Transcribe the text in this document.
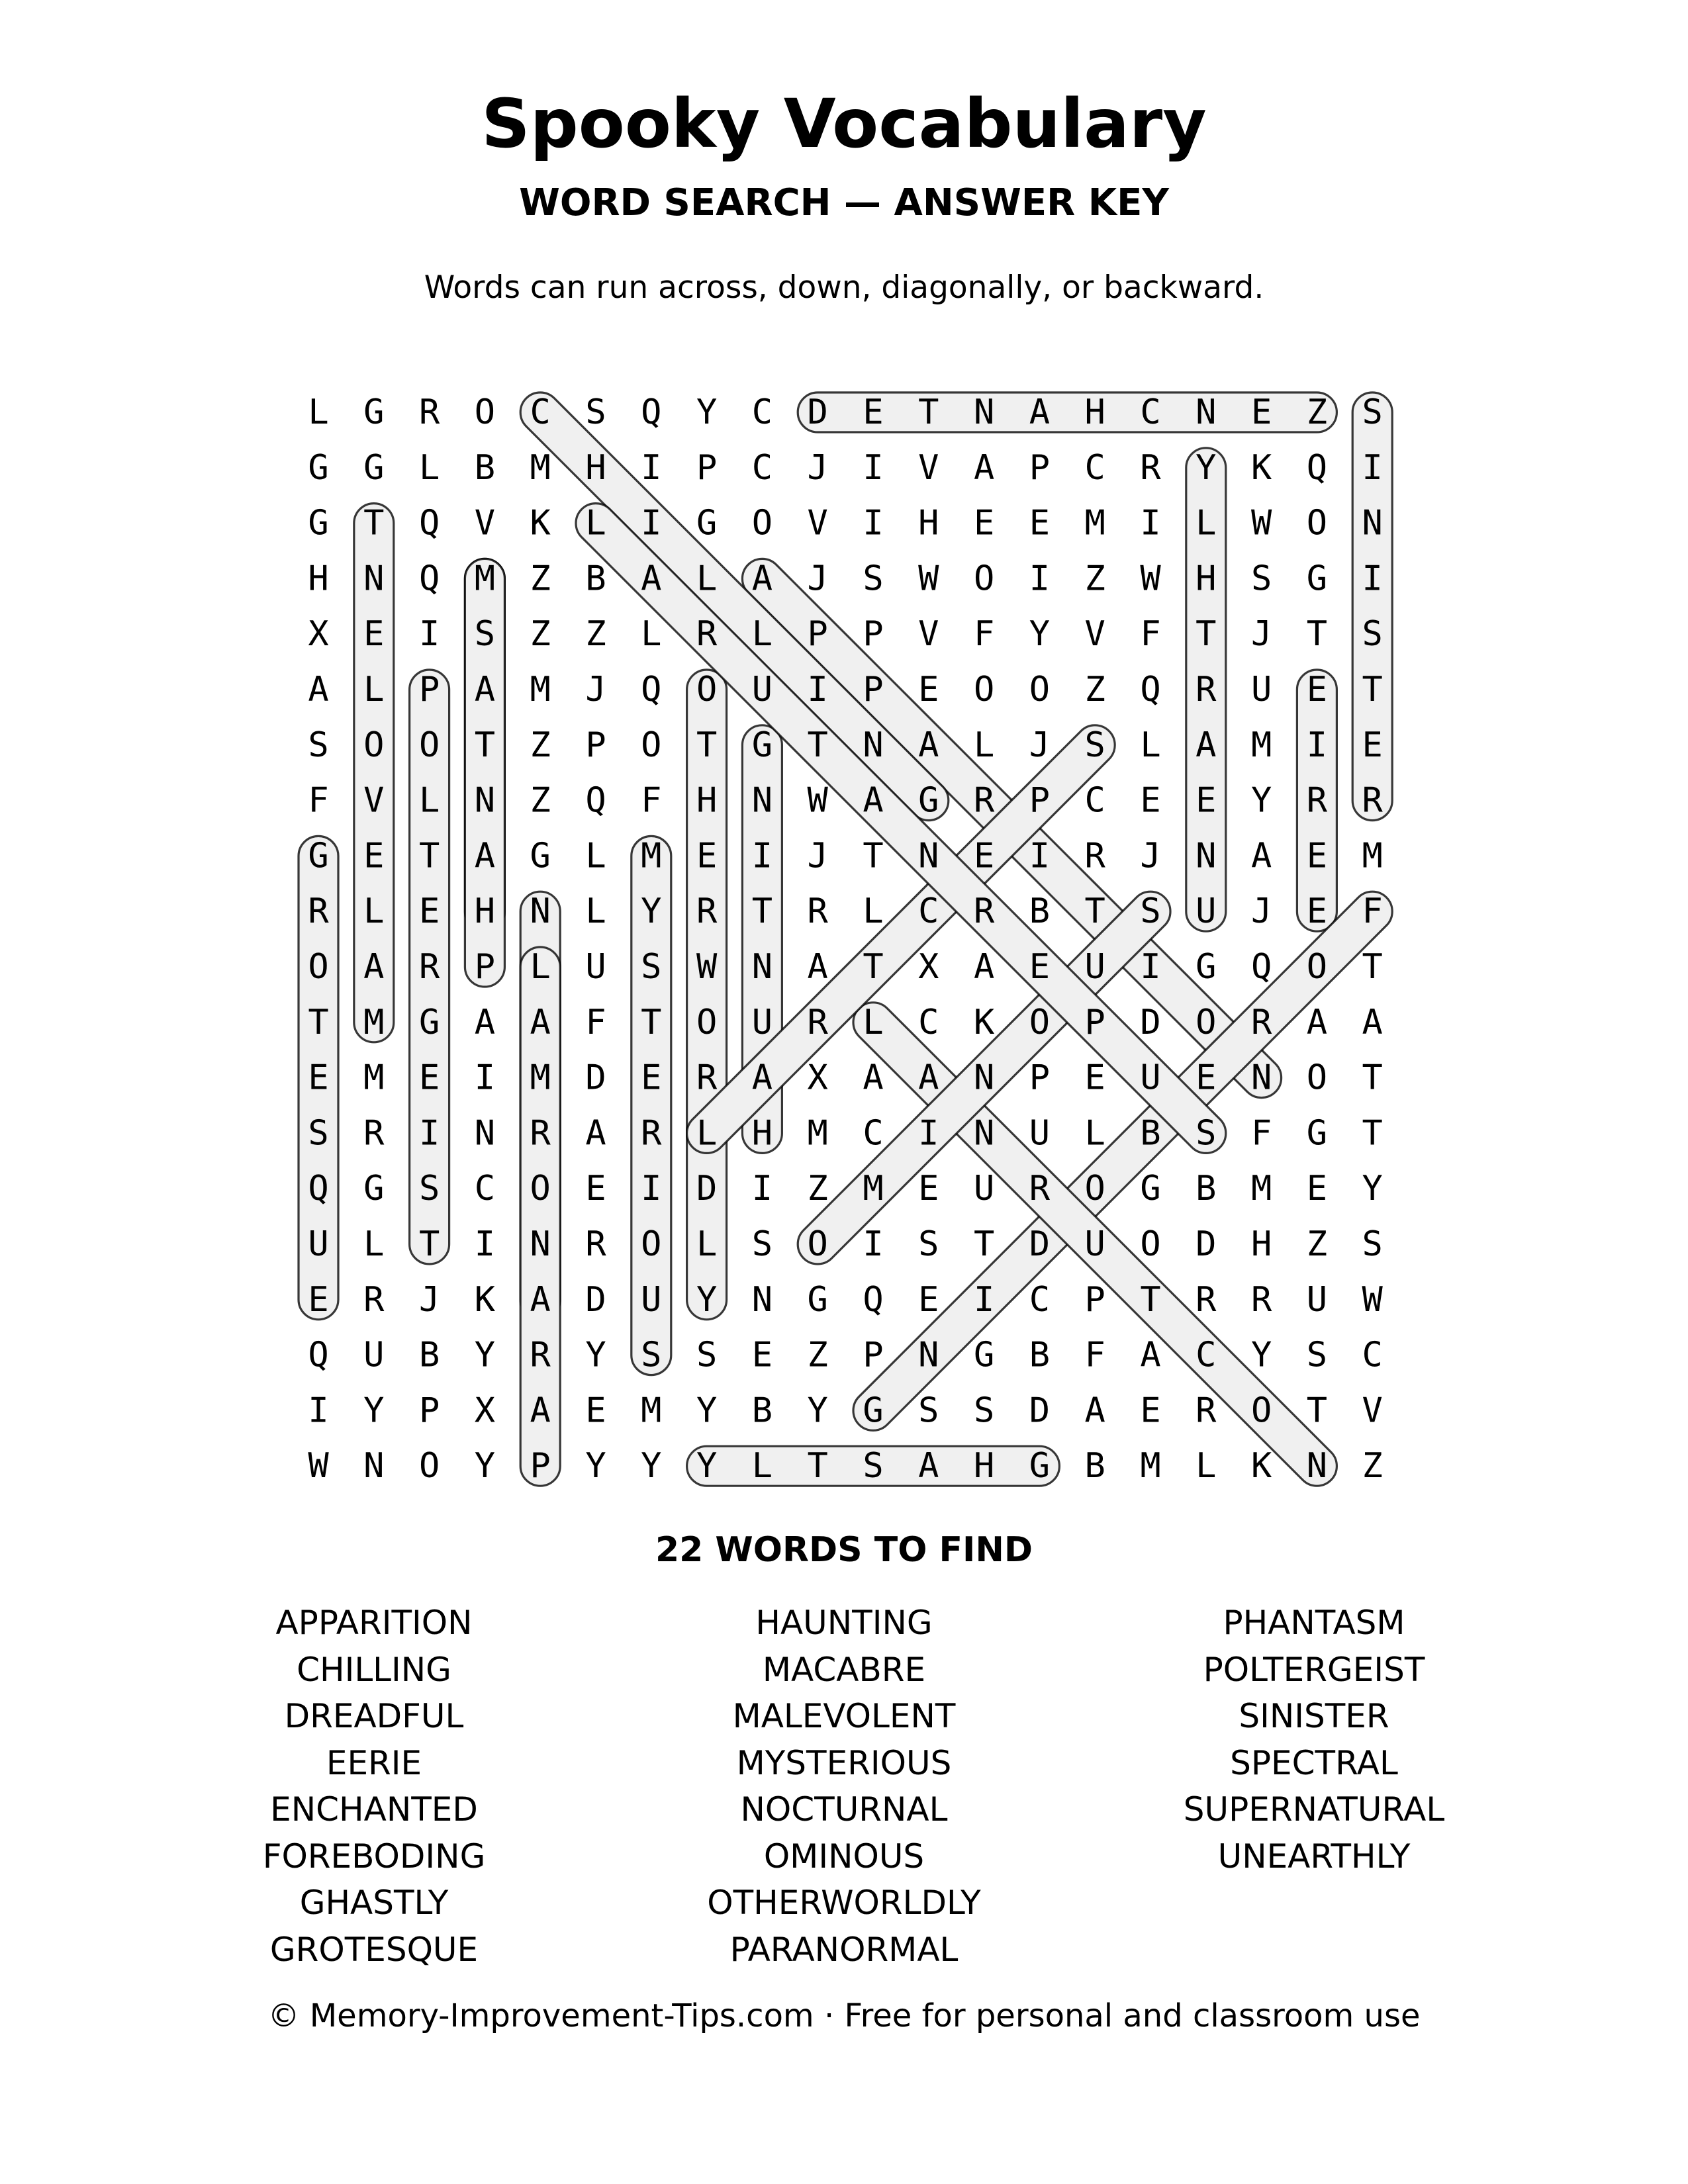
Spooky Vocabulary
WORD SEARCH — ANSWER KEY
Words can run across, down, diagonally, or backward.
L G R O C S Q Y C D E T N A H C N E Z S
G G L B M H I P C J I V A P C R Y K Q I
G T Q V K L I G O V I H E E M I L W O N
H N Q M Z B A L A J S W O I Z W H S G I
X E I S Z Z L R L P P V F Y V F T J T S
A L P A M J Q O U I P E O O Z Q R U E T
S O O T Z P O T G T N A L J S L A M I E
F V L N Z Q F H N W A G R P C E E Y R R
G E T A G L M E I J T N E I R J N A E M
R L E H N L Y R T R L C R B T S U J E F
O A R P L U S W N A T X A E U I G Q O T
T M G A A F T O U R L C K O P D O R A A
E M E I M D E R A X A A N P E U E N O T
S R I N R A R L H M C I N U L B S F G T
Q G S C O E I D I Z M E U R O G B M E Y
U L T I N R O L S O I S T D U O D H Z S
E R J K A D U Y N G Q E I C P T R R U W
Q U B Y R Y S S E Z P N G B F A C Y S C
I Y P X A E M Y B Y G S S D A E R O T V
W N O Y P Y Y Y L T S A H G B M L K N Z
22 WORDS TO FIND
APPARITION
CHILLING
DREADFUL
EERIE
ENCHANTED
FOREBODING
GHASTLY
GROTESQUE
HAUNTING
MACABRE
MALEVOLENT
MYSTERIOUS
NOCTURNAL
OMINOUS
OTHERWORLDLY
PARANORMAL
PHANTASM
POLTERGEIST
SINISTER
SPECTRAL
SUPERNATURAL
UNEARTHLY
© Memory-Improvement-Tips.com · Free for personal and classroom use
